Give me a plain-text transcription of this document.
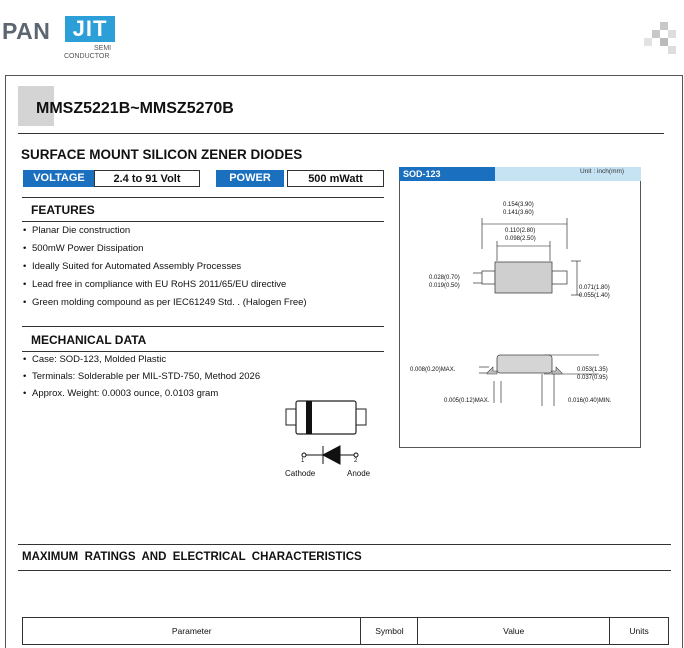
PAN	JIT
SEMI
CONDUCTOR
MMSZ5221B~MMSZ5270B
SURFACE MOUNT SILICON ZENER DIODES
VOLTAGE	2.4 to 91 Volt	POWER	500 mWatt
FEATURES
• Planar Die construction
• 500mW Power Dissipation
• Ideally Suited for Automated Assembly Processes
• Lead free in compliance with EU RoHS 2011/65/EU directive
• Green molding compound as per IEC61249 Std. . (Halogen Free)
MECHANICAL DATA
• Case: SOD-123, Molded Plastic
• Terminals: Solderable per MIL-STD-750, Method 2026
• Approx. Weight: 0.0003 ounce, 0.0103 gram
1	2
Cathode	Anode
SOD-123	Unit : inch(mm)
0.154(3.90)
0.141(3.60)
0.110(2.80)
0.098(2.50)
0.028(0.70)
0.019(0.50)	0.071(1.80)
0.055(1.40)
0.008(0.20)MAX.	0.053(1.35)
0.037(0.95)
0.005(0.12)MAX.	0.016(0.40)MIN.
MAXIMUM  RATINGS  AND  ELECTRICAL  CHARACTERISTICS
Parameter	Symbol	Value	Units
